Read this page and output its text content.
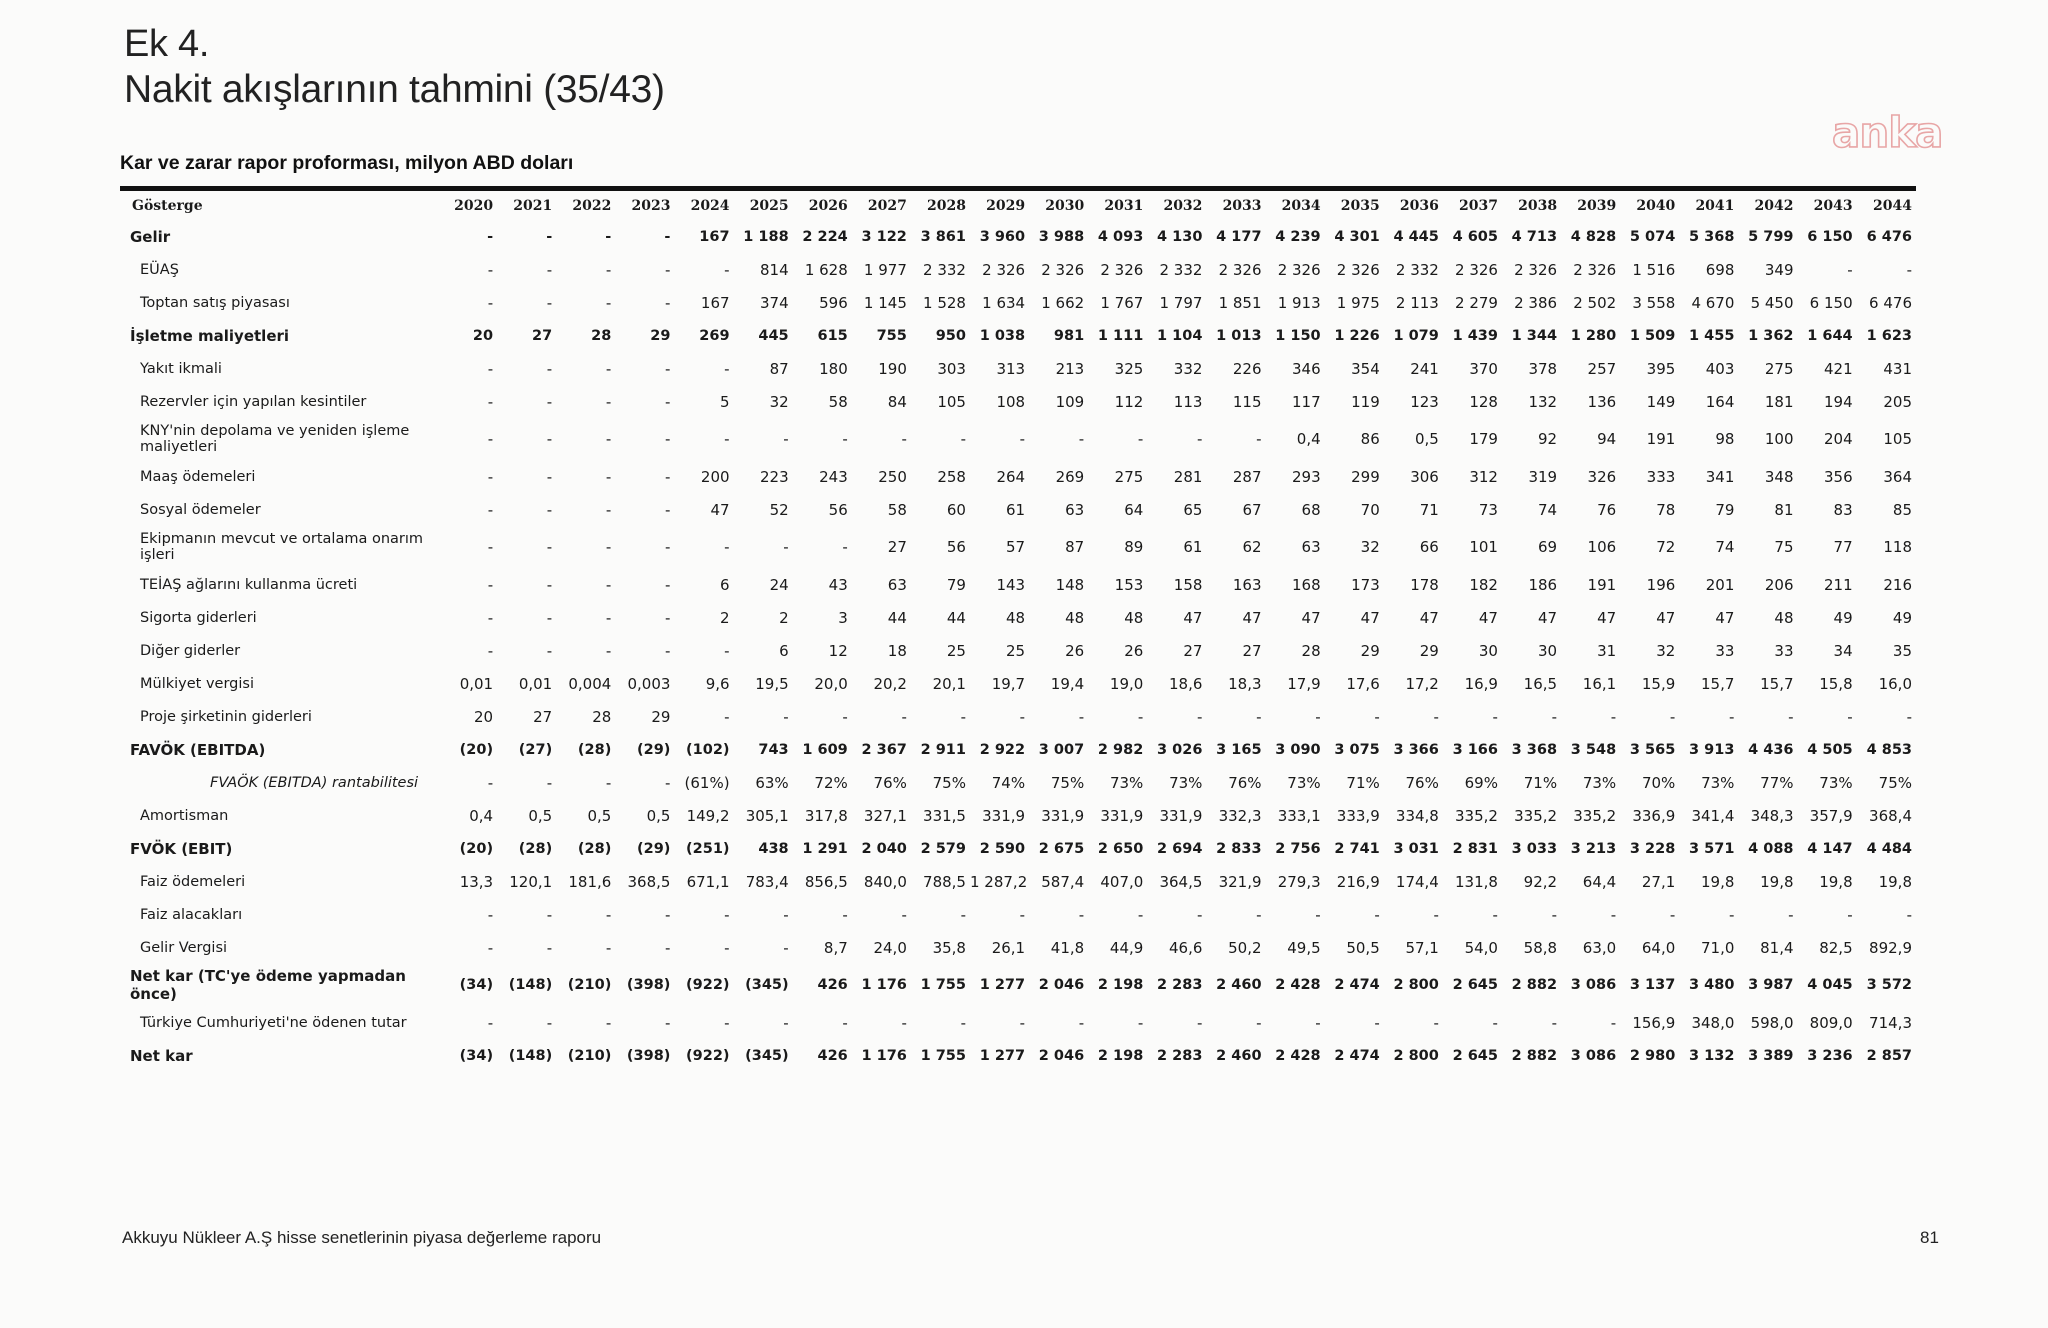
Ek 4.
Nakit akışlarının tahmini (35/43)
anka
Kar ve zarar rapor proforması, milyon ABD doları
Gösterge	2020	2021	2022	2023	2024	2025	2026	2027	2028	2029	2030	2031	2032	2033	2034	2035	2036	2037	2038	2039	2040	2041	2042	2043	2044
Gelir	-	-	-	-	167	1 188	2 224	3 122	3 861	3 960	3 988	4 093	4 130	4 177	4 239	4 301	4 445	4 605	4 713	4 828	5 074	5 368	5 799	6 150	6 476
EÜAŞ	-	-	-	-	-	814	1 628	1 977	2 332	2 326	2 326	2 326	2 332	2 326	2 326	2 326	2 332	2 326	2 326	2 326	1 516	698	349	-	-
Toptan satış piyasası	-	-	-	-	167	374	596	1 145	1 528	1 634	1 662	1 767	1 797	1 851	1 913	1 975	2 113	2 279	2 386	2 502	3 558	4 670	5 450	6 150	6 476
İşletme maliyetleri	20	27	28	29	269	445	615	755	950	1 038	981	1 111	1 104	1 013	1 150	1 226	1 079	1 439	1 344	1 280	1 509	1 455	1 362	1 644	1 623
Yakıt ikmali	-	-	-	-	-	87	180	190	303	313	213	325	332	226	346	354	241	370	378	257	395	403	275	421	431
Rezervler için yapılan kesintiler	-	-	-	-	5	32	58	84	105	108	109	112	113	115	117	119	123	128	132	136	149	164	181	194	205
KNY'nin depolama ve yeniden işleme maliyetleri	-	-	-	-	-	-	-	-	-	-	-	-	-	-	0,4	86	0,5	179	92	94	191	98	100	204	105
Maaş ödemeleri	-	-	-	-	200	223	243	250	258	264	269	275	281	287	293	299	306	312	319	326	333	341	348	356	364
Sosyal ödemeler	-	-	-	-	47	52	56	58	60	61	63	64	65	67	68	70	71	73	74	76	78	79	81	83	85
Ekipmanın mevcut ve ortalama onarım işleri	-	-	-	-	-	-	-	27	56	57	87	89	61	62	63	32	66	101	69	106	72	74	75	77	118
TEİAŞ ağlarını kullanma ücreti	-	-	-	-	6	24	43	63	79	143	148	153	158	163	168	173	178	182	186	191	196	201	206	211	216
Sigorta giderleri	-	-	-	-	2	2	3	44	44	48	48	48	47	47	47	47	47	47	47	47	47	47	48	49	49
Diğer giderler	-	-	-	-	-	6	12	18	25	25	26	26	27	27	28	29	29	30	30	31	32	33	33	34	35
Mülkiyet vergisi	0,01	0,01	0,004	0,003	9,6	19,5	20,0	20,2	20,1	19,7	19,4	19,0	18,6	18,3	17,9	17,6	17,2	16,9	16,5	16,1	15,9	15,7	15,7	15,8	16,0
Proje şirketinin giderleri	20	27	28	29	-	-	-	-	-	-	-	-	-	-	-	-	-	-	-	-	-	-	-	-	-
FAVÖK (EBITDA)	(20)	(27)	(28)	(29)	(102)	743	1 609	2 367	2 911	2 922	3 007	2 982	3 026	3 165	3 090	3 075	3 366	3 166	3 368	3 548	3 565	3 913	4 436	4 505	4 853
FVAÖK (EBITDA) rantabilitesi	-	-	-	-	(61%)	63%	72%	76%	75%	74%	75%	73%	73%	76%	73%	71%	76%	69%	71%	73%	70%	73%	77%	73%	75%
Amortisman	0,4	0,5	0,5	0,5	149,2	305,1	317,8	327,1	331,5	331,9	331,9	331,9	331,9	332,3	333,1	333,9	334,8	335,2	335,2	335,2	336,9	341,4	348,3	357,9	368,4
FVÖK (EBIT)	(20)	(28)	(28)	(29)	(251)	438	1 291	2 040	2 579	2 590	2 675	2 650	2 694	2 833	2 756	2 741	3 031	2 831	3 033	3 213	3 228	3 571	4 088	4 147	4 484
Faiz ödemeleri	13,3	120,1	181,6	368,5	671,1	783,4	856,5	840,0	788,5	1 287,2	587,4	407,0	364,5	321,9	279,3	216,9	174,4	131,8	92,2	64,4	27,1	19,8	19,8	19,8	19,8
Faiz alacakları	-	-	-	-	-	-	-	-	-	-	-	-	-	-	-	-	-	-	-	-	-	-	-	-	-
Gelir Vergisi	-	-	-	-	-	-	8,7	24,0	35,8	26,1	41,8	44,9	46,6	50,2	49,5	50,5	57,1	54,0	58,8	63,0	64,0	71,0	81,4	82,5	892,9
Net kar (TC'ye ödeme yapmadan önce)	(34)	(148)	(210)	(398)	(922)	(345)	426	1 176	1 755	1 277	2 046	2 198	2 283	2 460	2 428	2 474	2 800	2 645	2 882	3 086	3 137	3 480	3 987	4 045	3 572
Türkiye Cumhuriyeti'ne ödenen tutar	-	-	-	-	-	-	-	-	-	-	-	-	-	-	-	-	-	-	-	-	156,9	348,0	598,0	809,0	714,3
Net kar	(34)	(148)	(210)	(398)	(922)	(345)	426	1 176	1 755	1 277	2 046	2 198	2 283	2 460	2 428	2 474	2 800	2 645	2 882	3 086	2 980	3 132	3 389	3 236	2 857
Akkuyu Nükleer A.Ş hisse senetlerinin piyasa değerleme raporu	81
